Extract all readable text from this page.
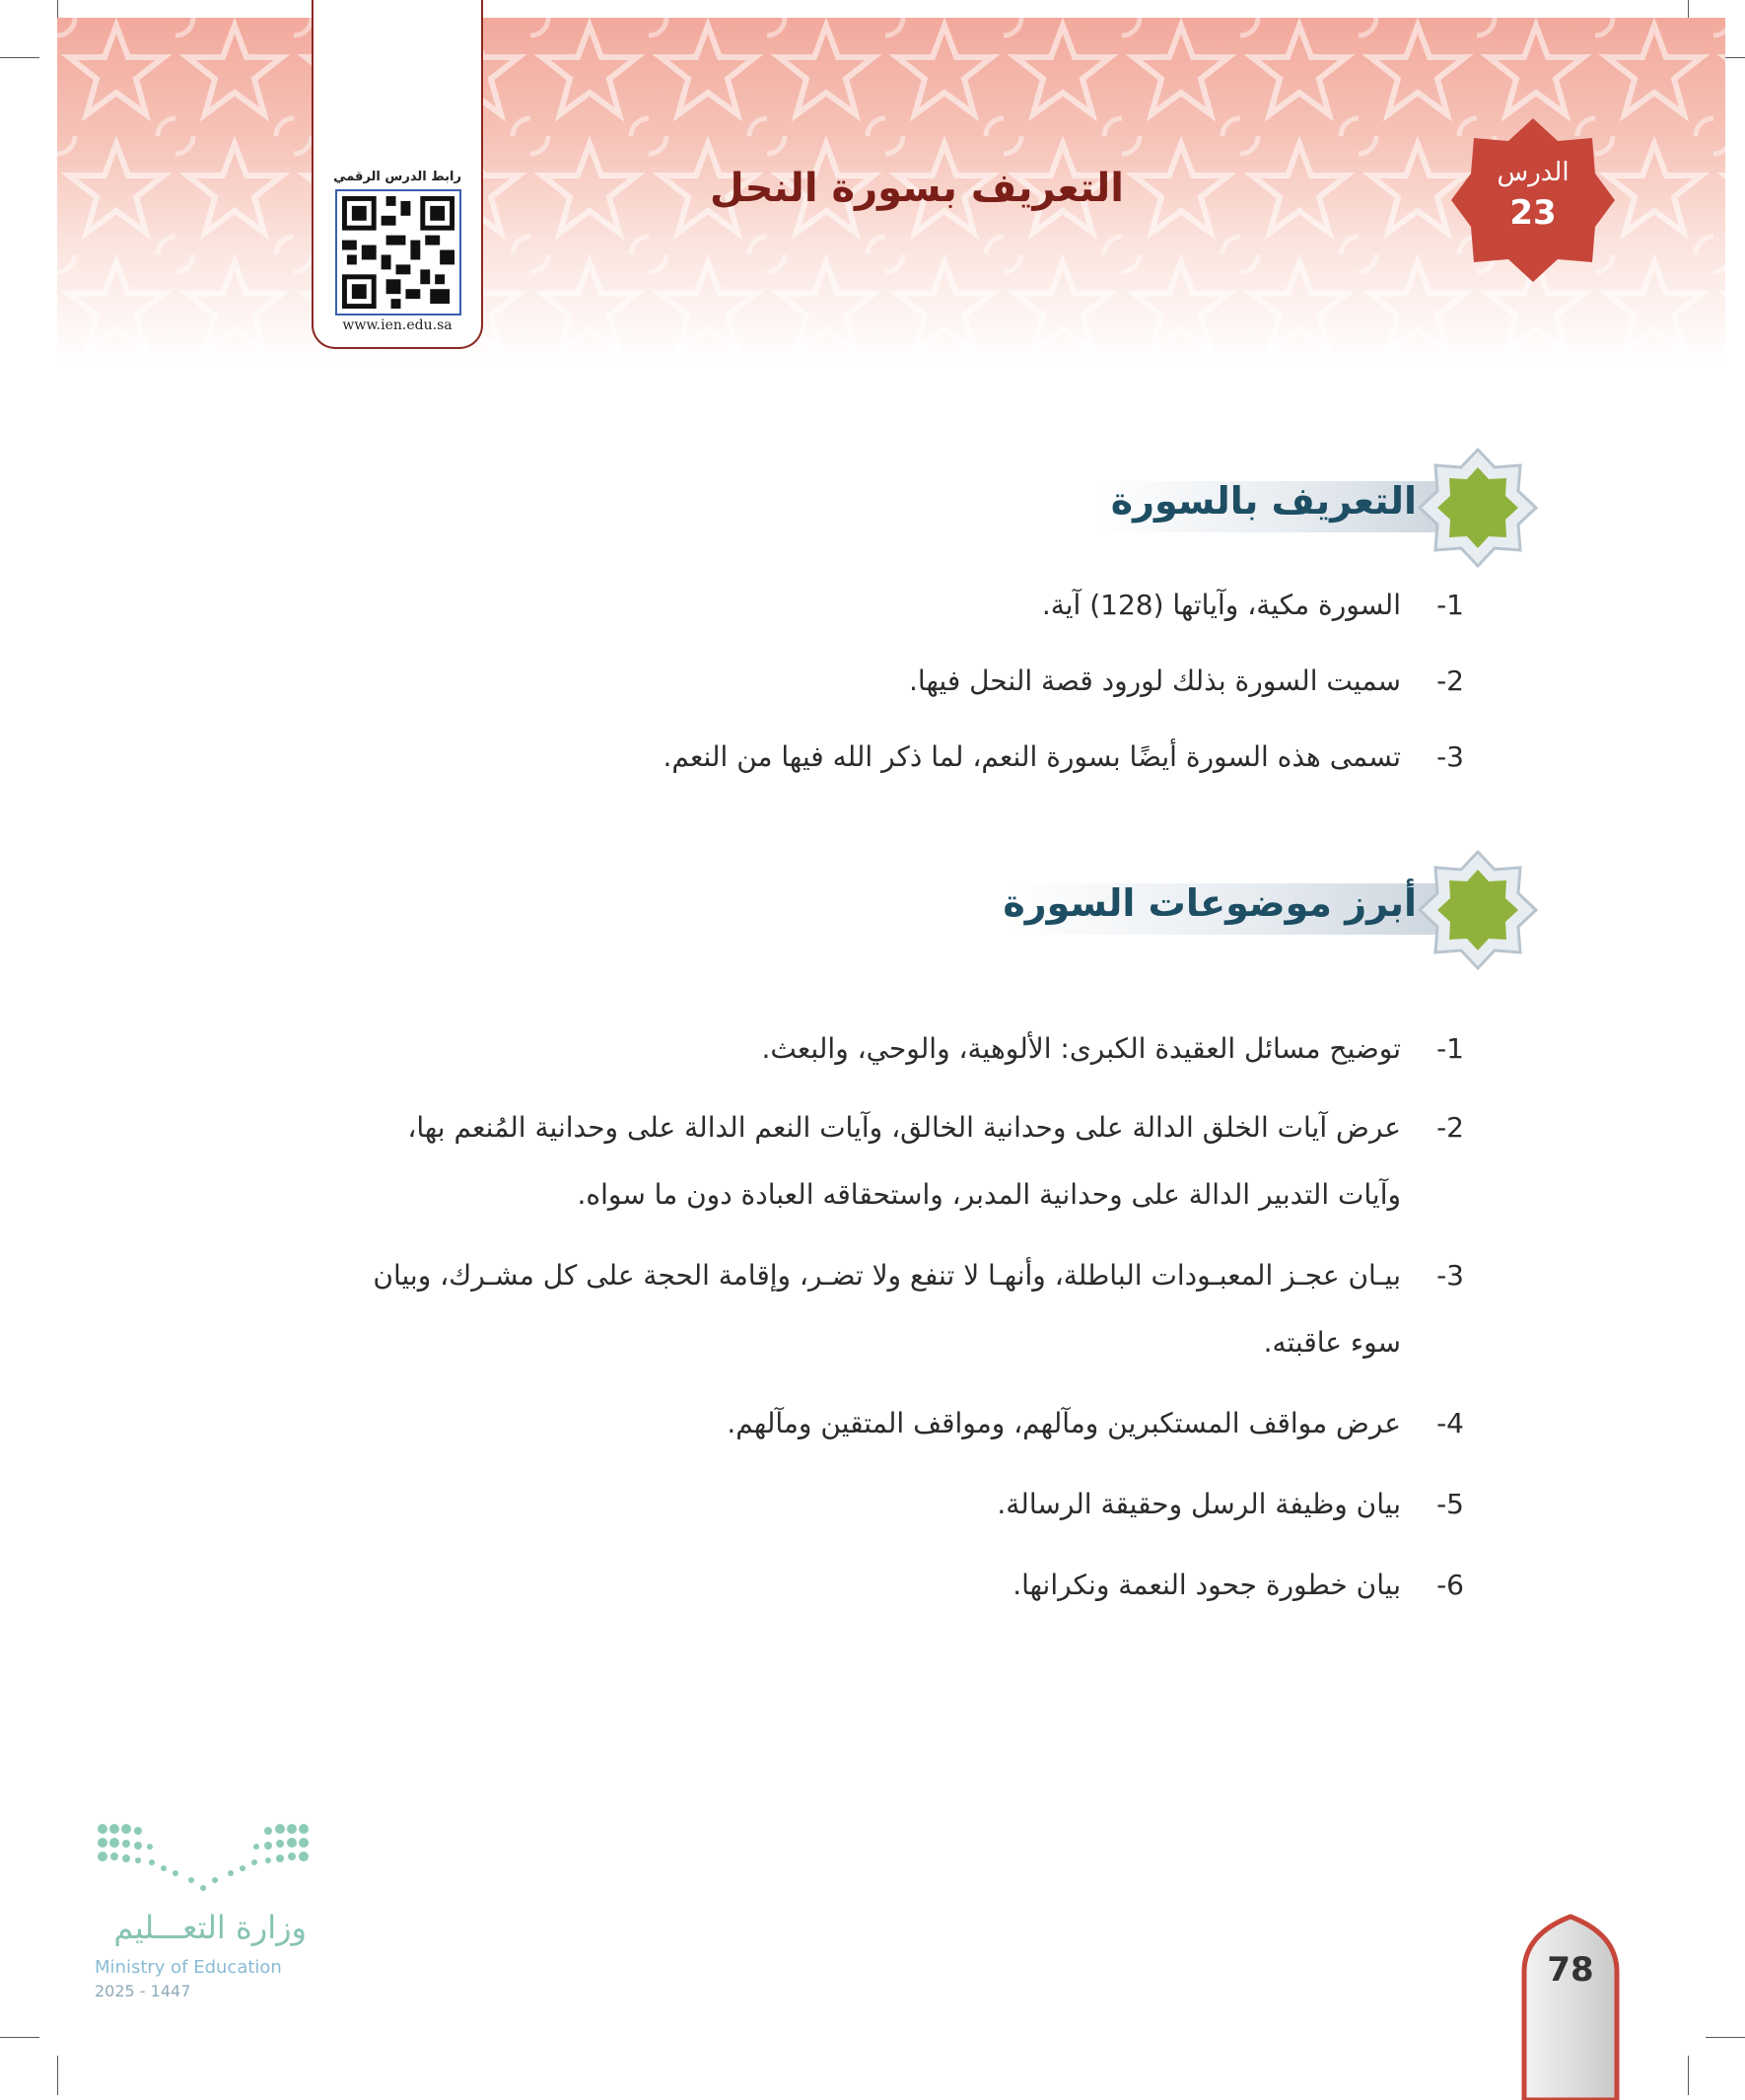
الدرس
23
التعريف بسورة النحل
رابط الدرس الرقمي
www.ien.edu.sa
التعريف بالسورة
-1السورة مكية، وآياتها (128) آية.
-2سميت السورة بذلك لورود قصة النحل فيها.
-3تسمى هذه السورة أيضًا بسورة النعم، لما ذكر الله فيها من النعم.
أبرز موضوعات السورة
-1توضيح مسائل العقيدة الكبرى: الألوهية، والوحي، والبعث.
-2عرض آيات الخلق الدالة على وحدانية الخالق، وآيات النعم الدالة على وحدانية المُنعم بها، وآيات التدبير الدالة على وحدانية المدبر، واستحقاقه العبادة دون ما سواه.
-3بيـان عجـز المعبـودات الباطلة، وأنهـا لا تنفع ولا تضـر، وإقامة الحجة على كل مشـرك، وبيان سوء عاقبته.
-4عرض مواقف المستكبرين ومآلهم، ومواقف المتقين ومآلهم.
-5بيان وظيفة الرسل وحقيقة الرسالة.
-6بيان خطورة جحود النعمة ونكرانها.
وزارة التعـــليم
Ministry of Education
2025 - 1447
78
